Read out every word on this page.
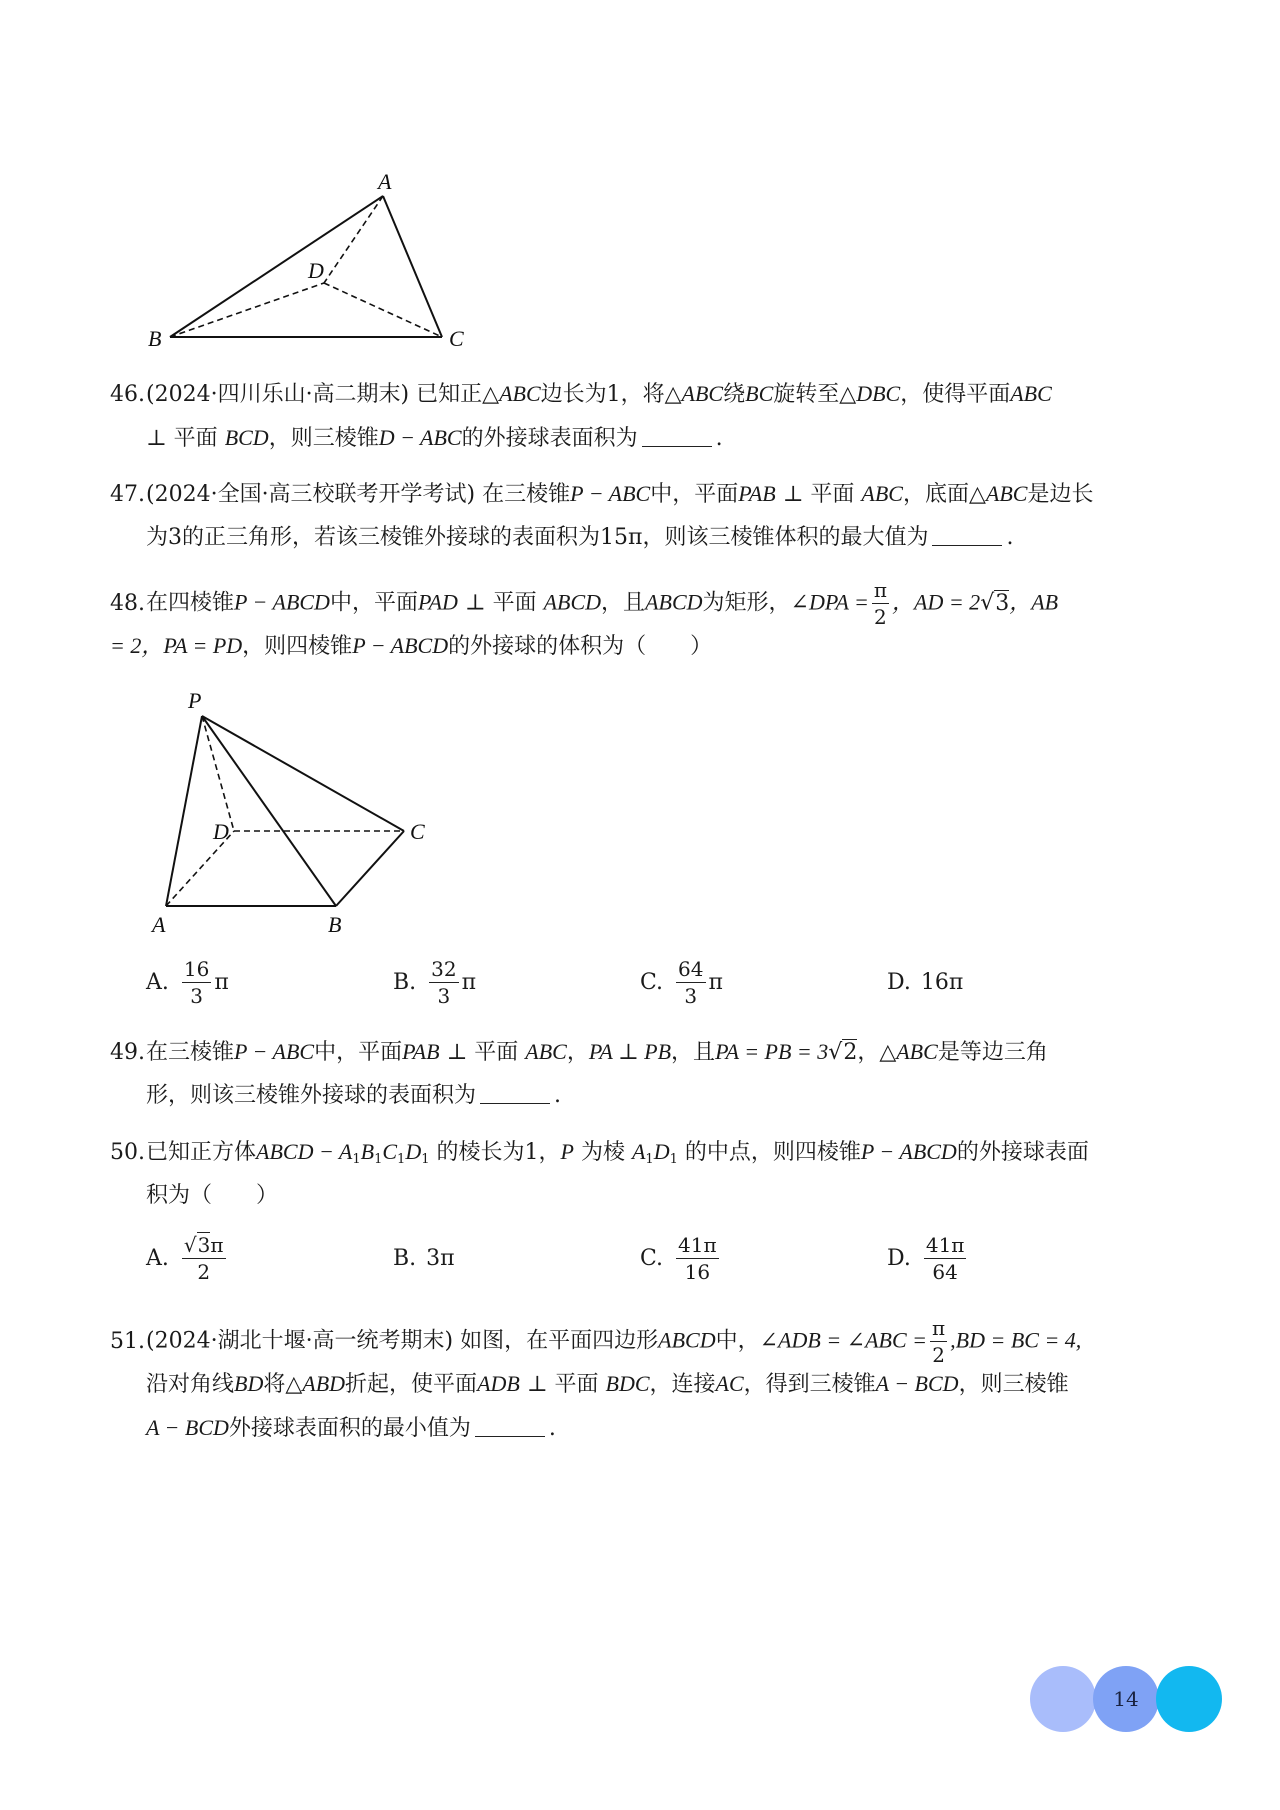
A
B	C
D
46.(2024·四川乐山·高二期末) 已知正△ABC边长为1，将△ABC绕BC旋转至△DBC，使得平面ABC
⊥ 平面 BCD，则三棱锥D − ABC的外接球表面积为	.
47.(2024·全国·高三校联考开学考试) 在三棱锥P − ABC中，平面PAB ⊥ 平面 ABC，底面△ABC是边长
为3的正三角形，若该三棱锥外接球的表面积为15π，则该三棱锥体积的最大值为	.
48.在四棱锥P − ABCD中，平面PAD ⊥ 平面 ABCD，且ABCD为矩形，∠DPA = $\frac{\pi}{2}$ ，AD = 2√3，AB
= 2，PA = PD，则四棱锥P − ABCD的外接球的体积为（　　）
P
A	B
C
D
A. $\frac{16}{3}$ π	B. $\frac{32}{3}$ π	C. $\frac{64}{3}$ π	D. 16π
49.在三棱锥P − ABC中，平面PAB ⊥ 平面 ABC，PA ⊥ PB，且PA = PB = 3√2，△ABC是等边三角
形，则该三棱锥外接球的表面积为	.
50.已知正方体ABCD − $A_1B_1C_1D_1$ 的棱长为1，P 为棱 $A_1D_1$ 的中点，则四棱锥P − ABCD的外接球表面
积为（　　）
A. $\frac{√3\pi}{2}$	B. 3π	C. $\frac{41\pi}{16}$	D. $\frac{41\pi}{64}$
51.(2024·湖北十堰·高一统考期末) 如图，在平面四边形ABCD中，∠ADB = ∠ABC = $\frac{\pi}{2} ,BD$ = BC = 4,
沿对角线BD将△ABD折起，使平面ADB ⊥ 平面 BDC，连接AC，得到三棱锥A − BCD，则三棱锥
A − BCD外接球表面积的最小值为	.
14
